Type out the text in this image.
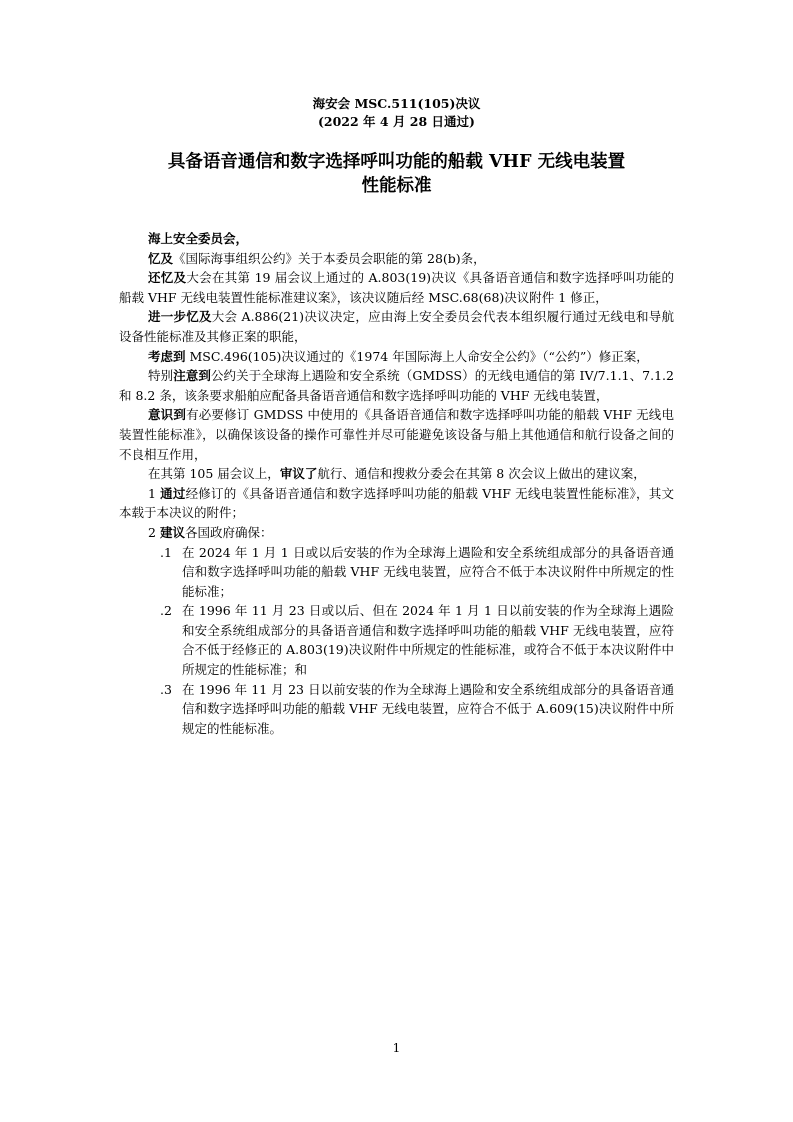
海安会 MSC.511(105)决议
(2022 年 4 月 28 日通过)
具备语音通信和数字选择呼叫功能的船载 VHF 无线电装置
性能标准

海上安全委员会，

忆及《国际海事组织公约》关于本委员会职能的第 28(b)条，

还忆及大会在其第 19 届会议上通过的 A.803(19)决议《具备语音通信和数字选择呼叫功能的船载 VHF 无线电装置性能标准建议案》，该决议随后经 MSC.68(68)决议附件 1 修正，

进一步忆及大会 A.886(21)决议决定，应由海上安全委员会代表本组织履行通过无线电和导航设备性能标准及其修正案的职能，

考虑到 MSC.496(105)决议通过的《1974 年国际海上人命安全公约》（“公约”）修正案，

特别注意到公约关于全球海上遇险和安全系统（GMDSS）的无线电通信的第 IV/7.1.1、7.1.2 和 8.2 条，该条要求船舶应配备具备语音通信和数字选择呼叫功能的 VHF 无线电装置，

意识到有必要修订 GMDSS 中使用的《具备语音通信和数字选择呼叫功能的船载 VHF 无线电装置性能标准》，以确保该设备的操作可靠性并尽可能避免该设备与船上其他通信和航行设备之间的不良相互作用，

在其第 105 届会议上，审议了航行、通信和搜救分委会在其第 8 次会议上做出的建议案，

1 通过经修订的《具备语音通信和数字选择呼叫功能的船载 VHF 无线电装置性能标准》，其文本载于本决议的附件；

2 建议各国政府确保：

.1 在 2024 年 1 月 1 日或以后安装的作为全球海上遇险和安全系统组成部分的具备语音通信和数字选择呼叫功能的船载 VHF 无线电装置，应符合不低于本决议附件中所规定的性能标准；

.2 在 1996 年 11 月 23 日或以后、但在 2024 年 1 月 1 日以前安装的作为全球海上遇险和安全系统组成部分的具备语音通信和数字选择呼叫功能的船载 VHF 无线电装置，应符合不低于经修正的 A.803(19)决议附件中所规定的性能标准，或符合不低于本决议附件中所规定的性能标准；和

.3 在 1996 年 11 月 23 日以前安装的作为全球海上遇险和安全系统组成部分的具备语音通信和数字选择呼叫功能的船载 VHF 无线电装置，应符合不低于 A.609(15)决议附件中所规定的性能标准。

1
